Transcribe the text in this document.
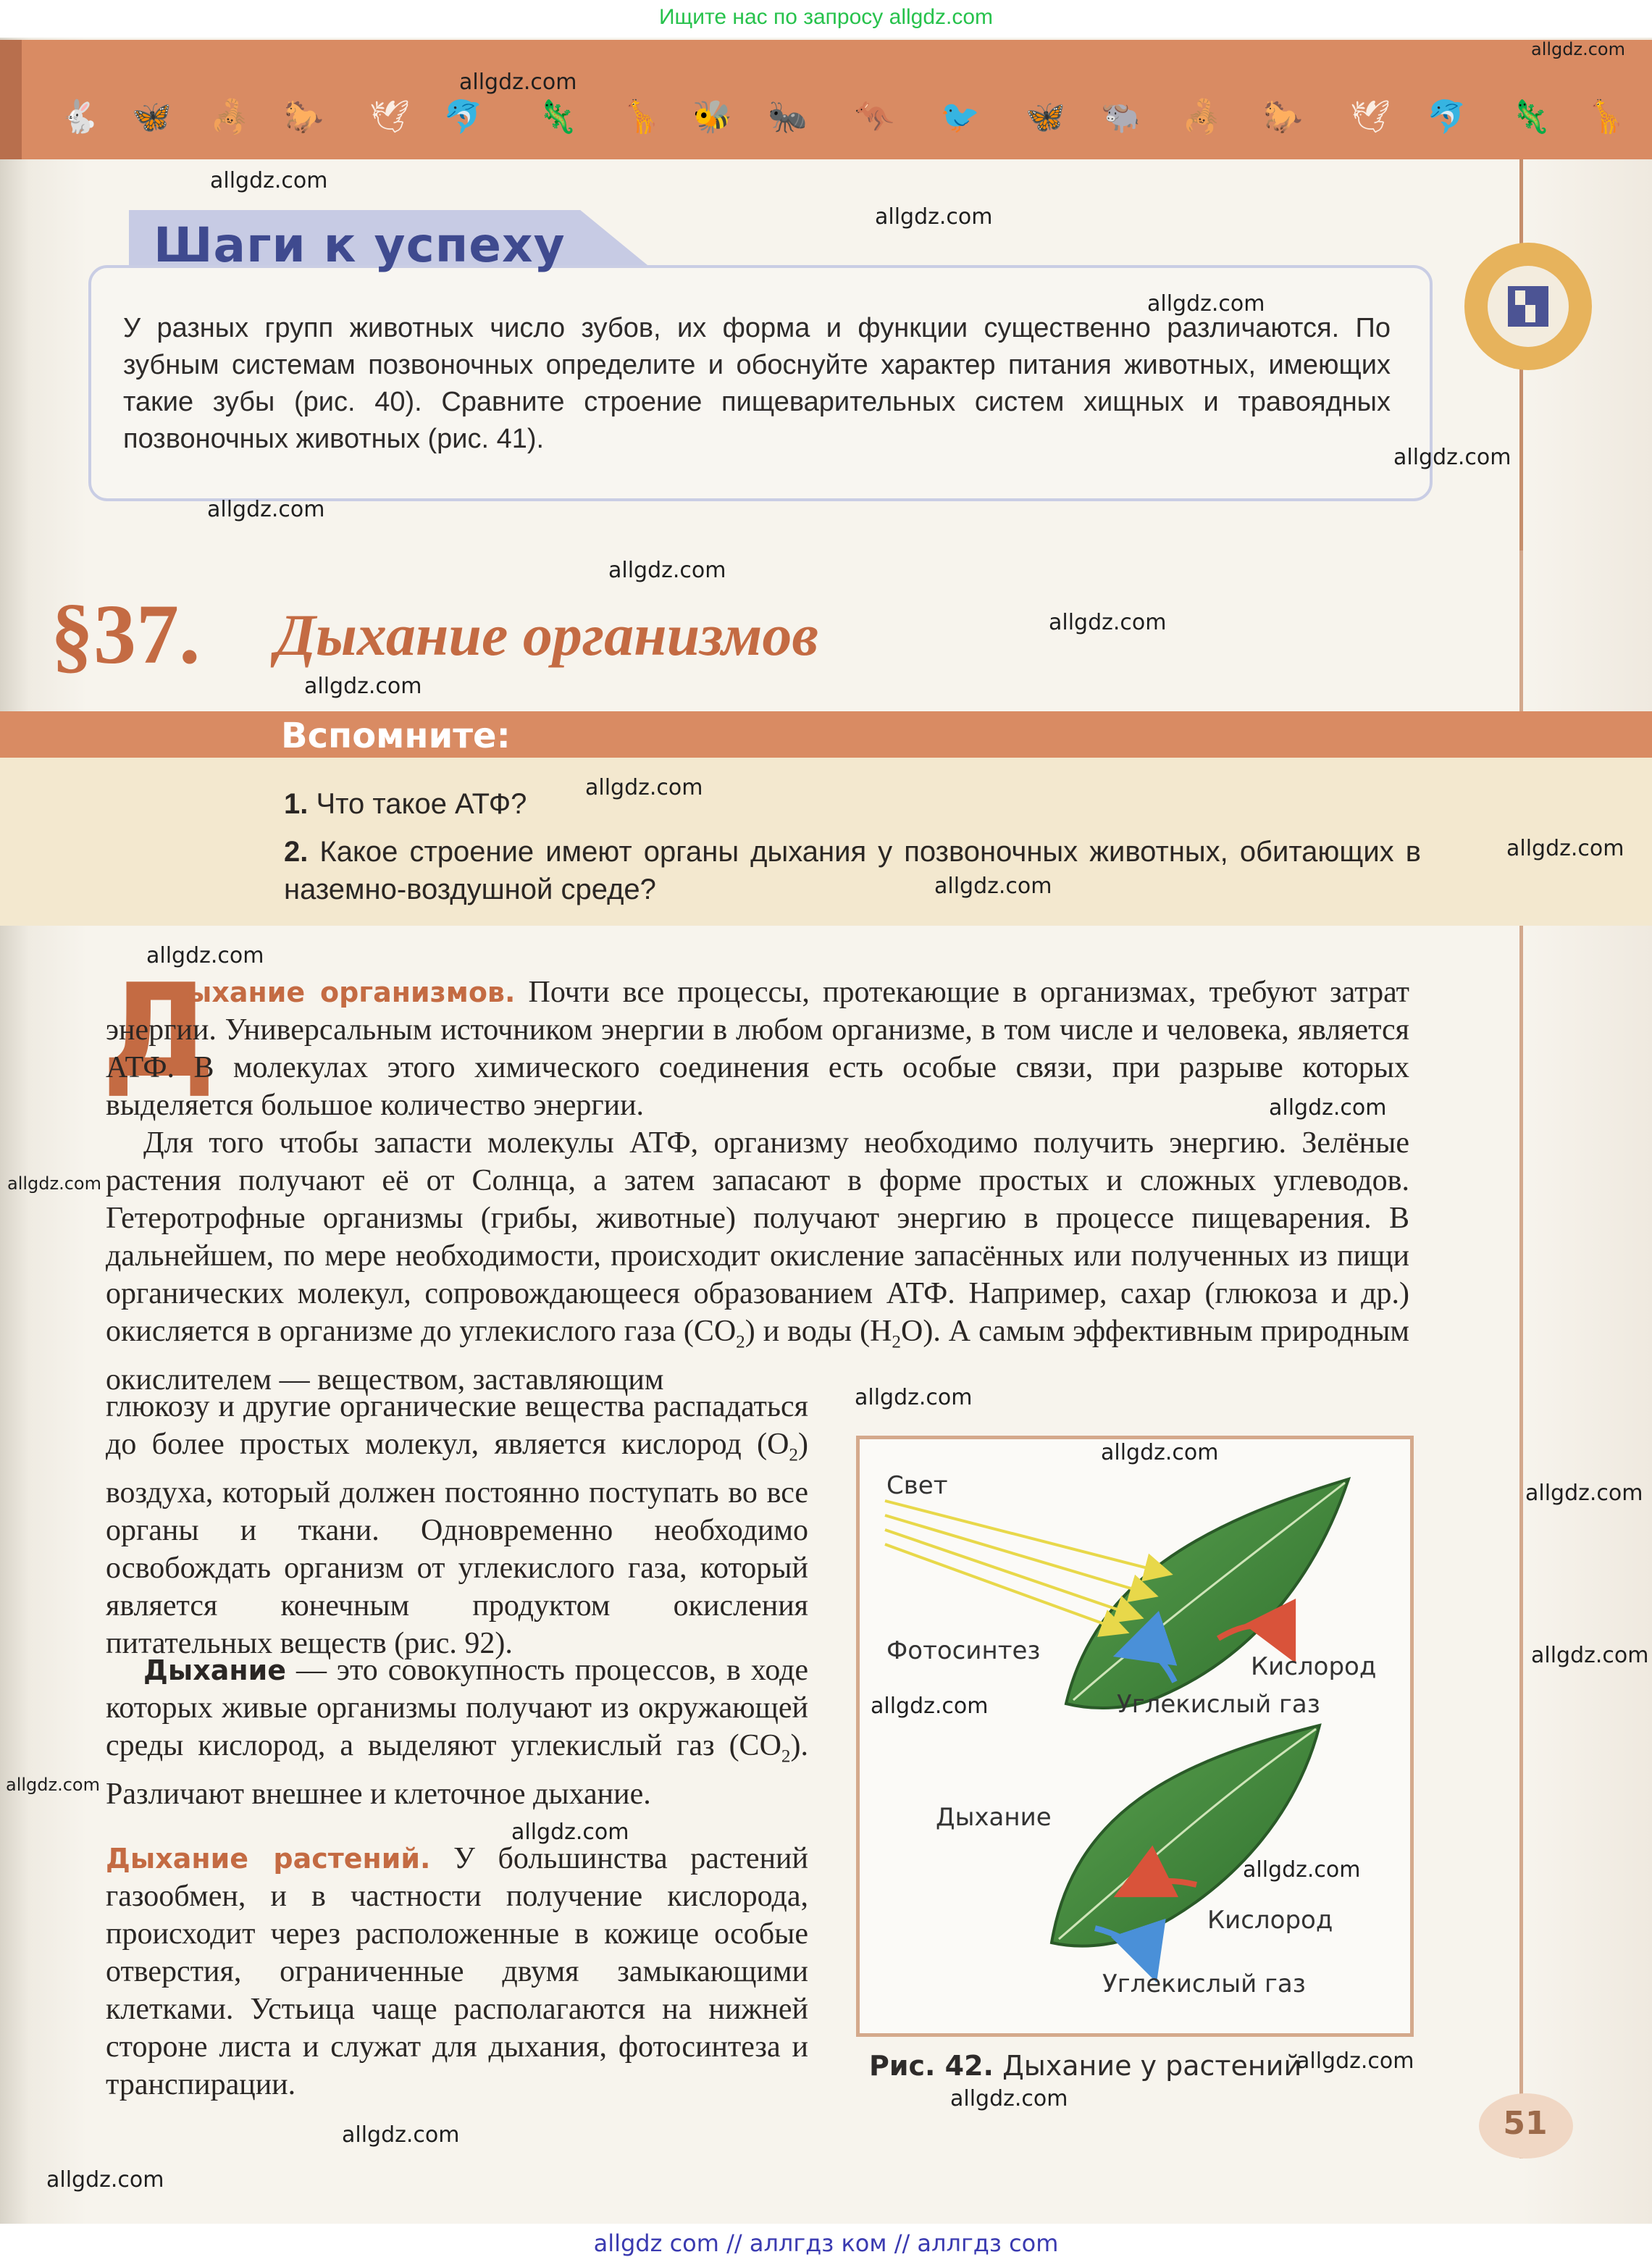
Ищите нас по запросу allgdz.com
🐇 🦋 🦂 🐎 🕊 🐬 🦎 🦒 🐝 🐜 🦘 🐦 🦋 🐃 🦂 🐎 🕊 🐬 🦎 🦒
Шаги к успеху
У разных групп животных число зубов, их форма и функции существенно различаются. По зубным системам позвоночных определите и обоснуйте характер питания животных, имеющих такие зубы (рис. 40). Сравните строение пищеварительных систем хищных и травоядных позвоночных животных (рис. 41).
§37. Дыхание организмов
Вспомните:
1. Что такое АТФ?
2. Какое строение имеют органы дыхания у позвоночных животных, обитающих в наземно-воздушной среде?
Д
ыхание организмов. Почти все процессы, протекающие в организмах, требуют затрат энергии. Универсальным источником энергии в любом организме, в том числе и человека, является АТФ. В молекулах этого химического соединения есть особые связи, при разрыве которых выделяется большое количество энергии.
Для того чтобы запасти молекулы АТФ, организму необходимо получить энергию. Зелёные растения получают её от Солнца, а затем запасают в форме простых и сложных углеводов. Гетеротрофные организмы (грибы, животные) получают энергию в процессе пищеварения. В дальнейшем, по мере необходимости, происходит окисление запасённых или полученных из пищи органических молекул, сопровождающееся образованием АТФ. Например, сахар (глюкоза и др.) окисляется в организме до углекислого газа $(CO_2)$ и воды $(H_2O)$. А самым эффективным природным окислителем — веществом, заставляющим
глюкозу и другие органические вещества распадаться до более простых молекул, является кислород $(O_2)$ воздуха, который должен постоянно поступать во все органы и ткани. Одновременно необходимо освобождать организм от углекислого газа, который является конечным продуктом окисления питательных веществ (рис. 92).
Дыхание — это совокупность процессов, в ходе которых живые организмы получают из окружающей среды кислород, а выделяют углекислый газ $(CO_2)$. Различают внешнее и клеточное дыхание.
Дыхание растений. У большинства растений газообмен, и в частности получение кислорода, происходит через расположенные в кожице особые отверстия, ограниченные двумя замыкающими клетками. Устьица чаще располагаются на нижней стороне листа и служат для дыхания, фотосинтеза и транспирации.
Свет
Фотосинтез
Кислород
Углекислый газ
Дыхание
Кислород
Углекислый газ
Рис. 42. Дыхание у растений
51
allgdz.com
allgdz.com
allgdz.com
allgdz.com
allgdz.com
allgdz.com
allgdz.com
allgdz.com
allgdz.com
allgdz.com
allgdz.com
allgdz.com
allgdz.com
allgdz.com
allgdz.com
allgdz.com
allgdz.com
allgdz.com
allgdz.com
allgdz.com
allgdz.com
allgdz.com
allgdz.com
allgdz.com
allgdz.com
allgdz.com
allgdz.com
allgdz.com
allgdz com // аллгдз ком // аллгдз com
